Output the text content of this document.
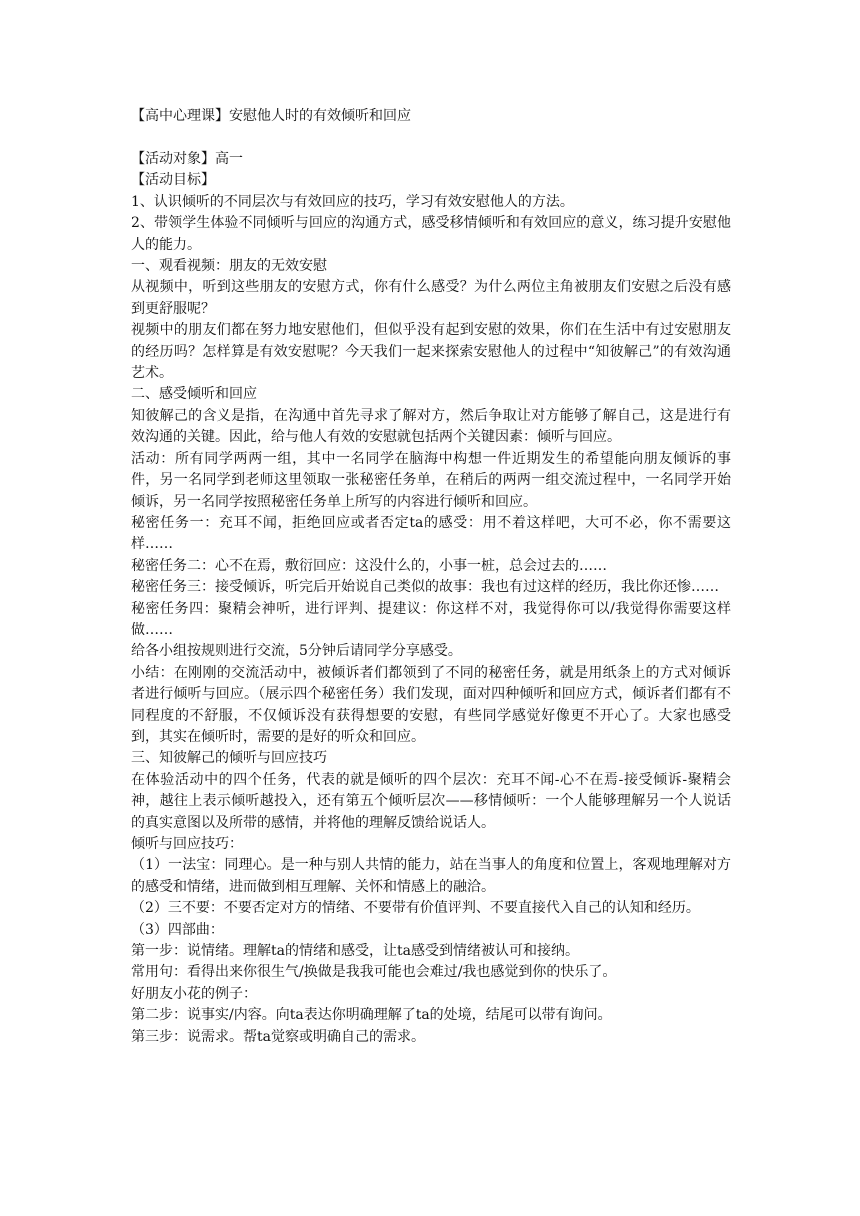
【高中心理课】安慰他人时的有效倾听和回应

【活动对象】高一

【活动目标】

1、认识倾听的不同层次与有效回应的技巧，学习有效安慰他人的方法。

2、带领学生体验不同倾听与回应的沟通方式，感受移情倾听和有效回应的意义，练习提升安慰他人的能力。

一、观看视频：朋友的无效安慰

从视频中，听到这些朋友的安慰方式，你有什么感受？为什么两位主角被朋友们安慰之后没有感到更舒服呢？

视频中的朋友们都在努力地安慰他们，但似乎没有起到安慰的效果，你们在生活中有过安慰朋友的经历吗？怎样算是有效安慰呢？今天我们一起来探索安慰他人的过程中“知彼解己”的有效沟通艺术。

二、感受倾听和回应

知彼解己的含义是指，在沟通中首先寻求了解对方，然后争取让对方能够了解自己，这是进行有效沟通的关键。因此，给与他人有效的安慰就包括两个关键因素：倾听与回应。

活动：所有同学两两一组，其中一名同学在脑海中构想一件近期发生的希望能向朋友倾诉的事件，另一名同学到老师这里领取一张秘密任务单，在稍后的两两一组交流过程中，一名同学开始倾诉，另一名同学按照秘密任务单上所写的内容进行倾听和回应。

秘密任务一：充耳不闻，拒绝回应或者否定ta的感受：用不着这样吧，大可不必，你不需要这样……

秘密任务二：心不在焉，敷衍回应：这没什么的，小事一桩，总会过去的……

秘密任务三：接受倾诉，听完后开始说自己类似的故事：我也有过这样的经历，我比你还惨……

秘密任务四：聚精会神听，进行评判、提建议：你这样不对，我觉得你可以/我觉得你需要这样做……

给各小组按规则进行交流，5分钟后请同学分享感受。

小结：在刚刚的交流活动中，被倾诉者们都领到了不同的秘密任务，就是用纸条上的方式对倾诉者进行倾听与回应。（展示四个秘密任务）我们发现，面对四种倾听和回应方式，倾诉者们都有不同程度的不舒服，不仅倾诉没有获得想要的安慰，有些同学感觉好像更不开心了。大家也感受到，其实在倾听时，需要的是好的听众和回应。

三、知彼解己的倾听与回应技巧

在体验活动中的四个任务，代表的就是倾听的四个层次：充耳不闻-心不在焉-接受倾诉-聚精会神，越往上表示倾听越投入，还有第五个倾听层次——移情倾听：一个人能够理解另一个人说话的真实意图以及所带的感情，并将他的理解反馈给说话人。

倾听与回应技巧：

（1）一法宝：同理心。是一种与别人共情的能力，站在当事人的角度和位置上，客观地理解对方的感受和情绪，进而做到相互理解、关怀和情感上的融洽。

（2）三不要：不要否定对方的情绪、不要带有价值评判、不要直接代入自己的认知和经历。

（3）四部曲：

第一步：说情绪。理解ta的情绪和感受，让ta感受到情绪被认可和接纳。

常用句：看得出来你很生气/换做是我我可能也会难过/我也感觉到你的快乐了。

好朋友小花的例子：

第二步：说事实/内容。向ta表达你明确理解了ta的处境，结尾可以带有询问。

第三步：说需求。帮ta觉察或明确自己的需求。
